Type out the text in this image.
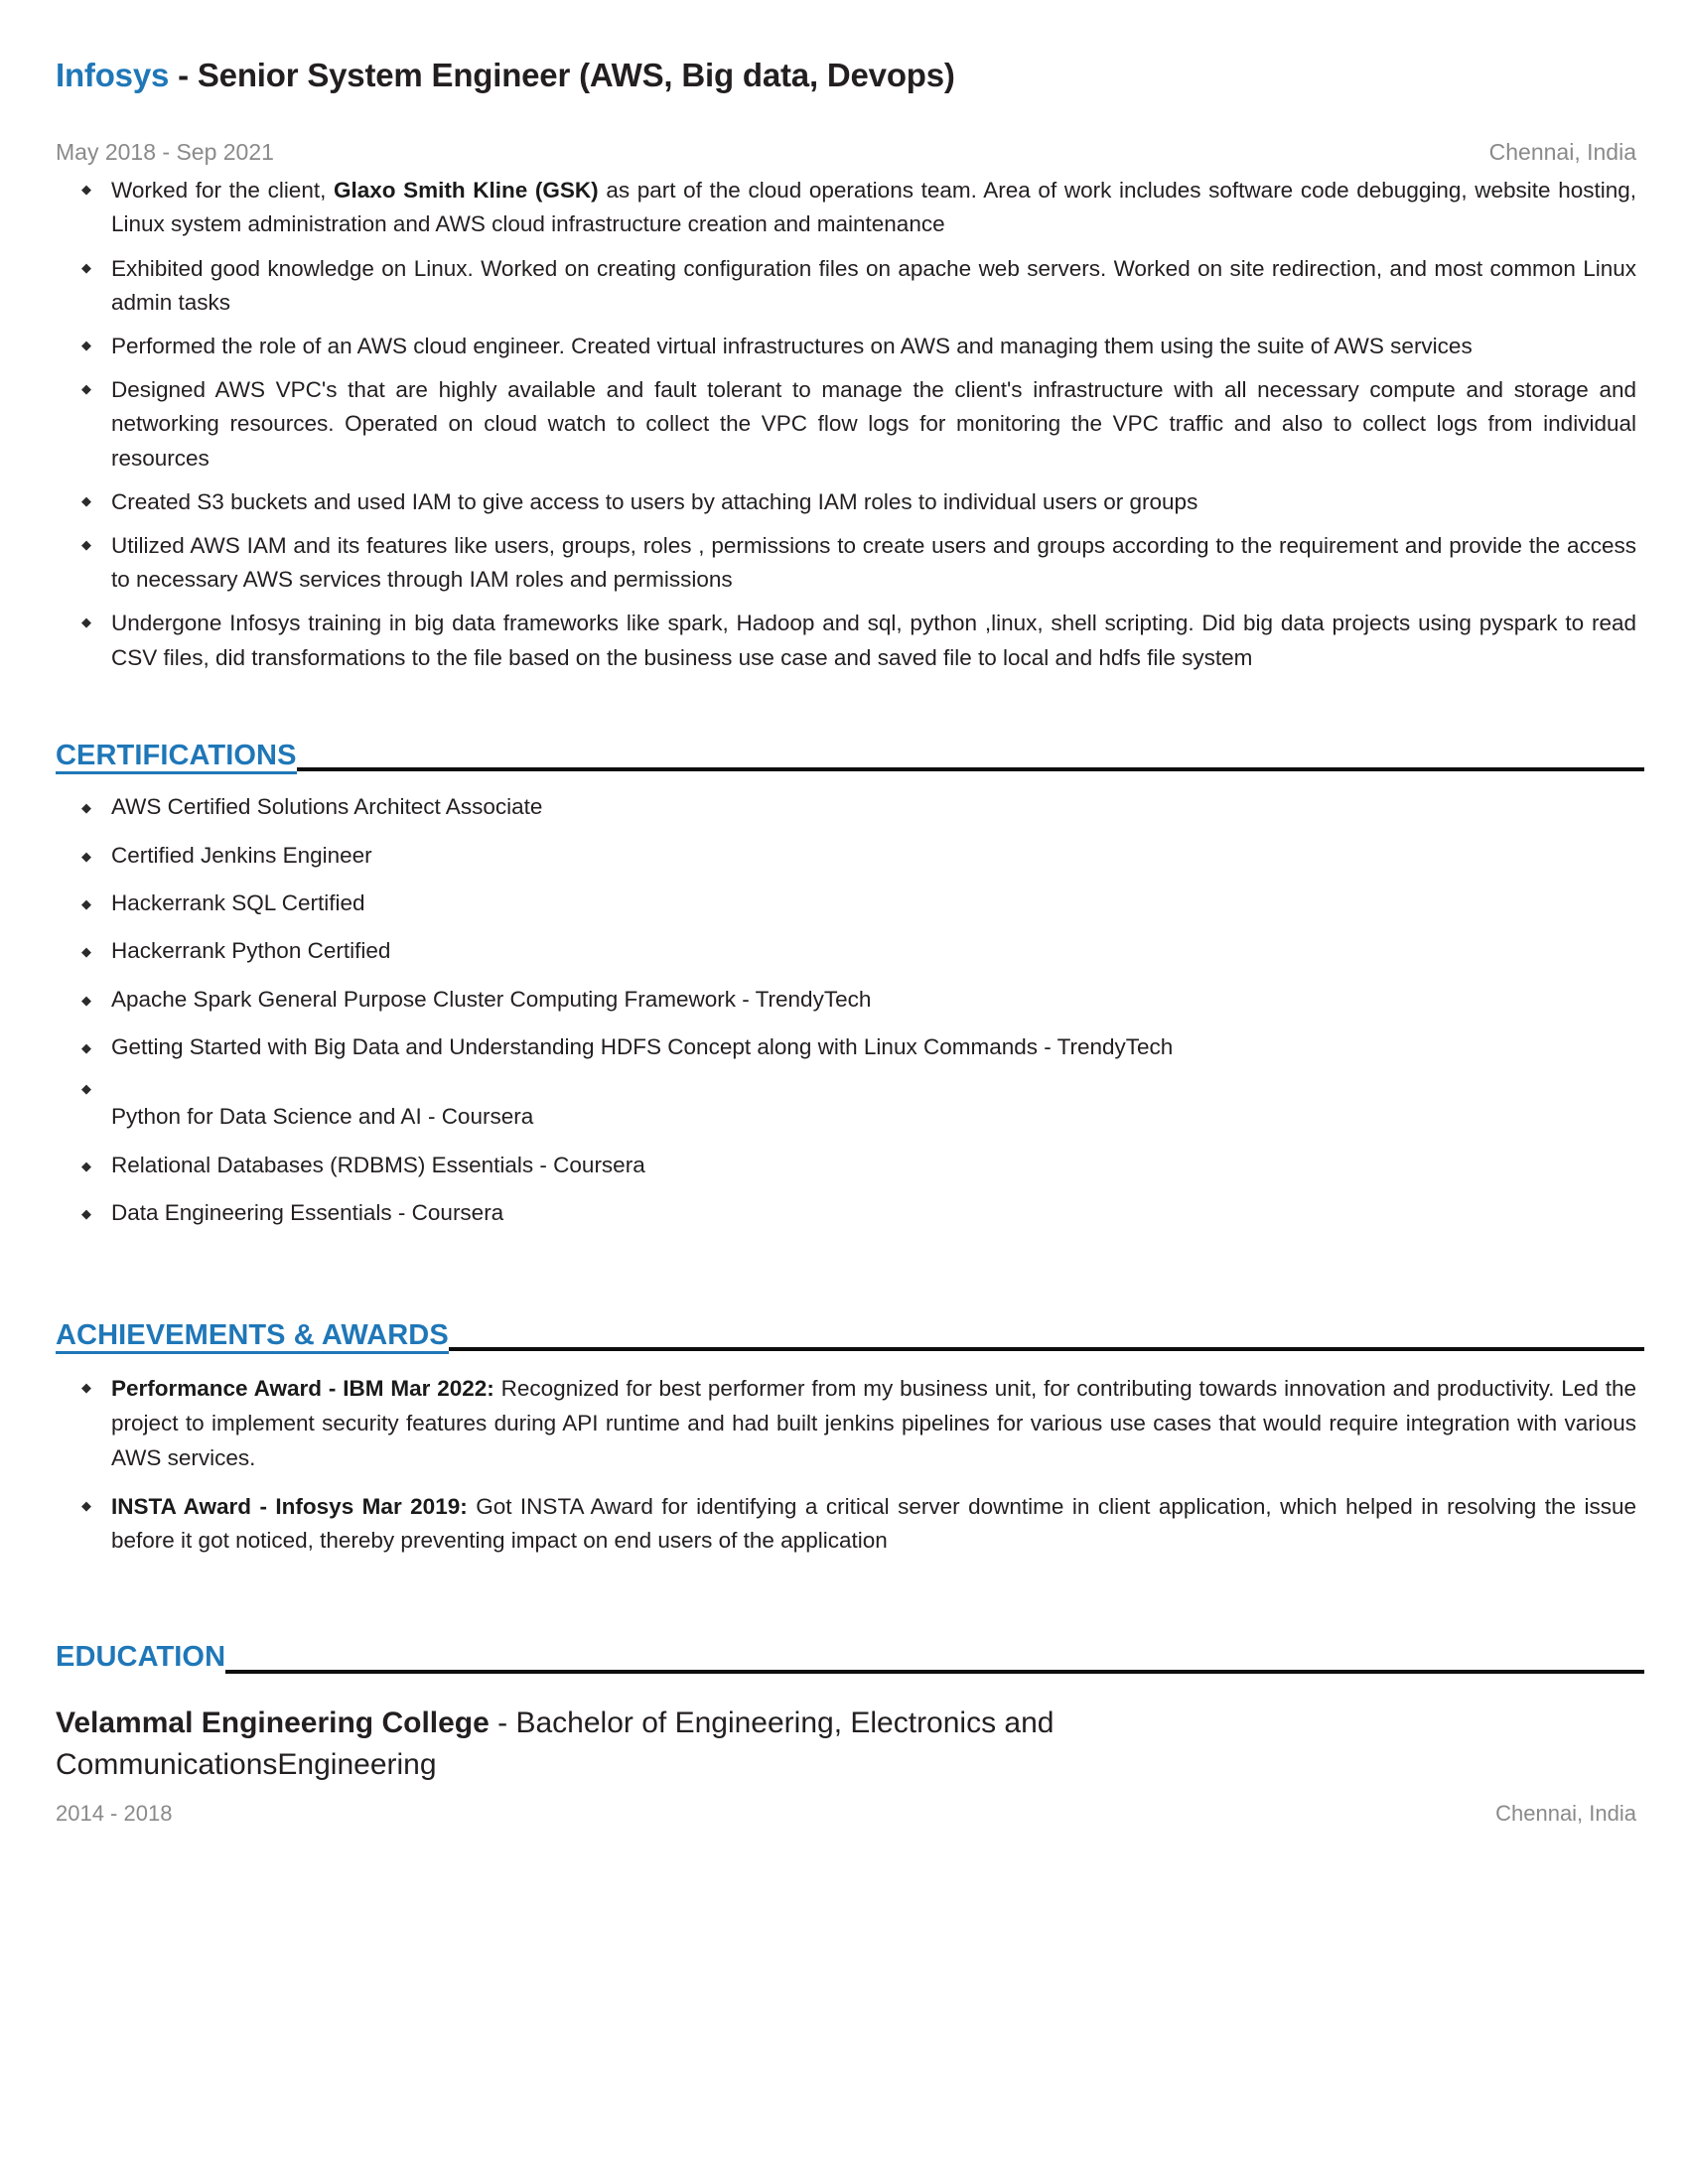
Infosys - Senior System Engineer (AWS, Big data, Devops)
May 2018 - Sep 2021	Chennai, India
◆ Worked for the client, Glaxo Smith Kline (GSK) as part of the cloud operations team. Area of work includes software code debugging, website hosting, Linux system administration and AWS cloud infrastructure creation and maintenance
◆ Exhibited good knowledge on Linux. Worked on creating configuration files on apache web servers. Worked on site redirection, and most common Linux admin tasks
◆ Performed the role of an AWS cloud engineer. Created virtual infrastructures on AWS and managing them using the suite of AWS services
◆ Designed AWS VPC's that are highly available and fault tolerant to manage the client's infrastructure with all necessary compute and storage and networking resources. Operated on cloud watch to collect the VPC flow logs for monitoring the VPC traffic and also to collect logs from individual resources
◆ Created S3 buckets and used IAM to give access to users by attaching IAM roles to individual users or groups
◆ Utilized AWS IAM and its features like users, groups, roles , permissions to create users and groups according to the requirement and provide the access to necessary AWS services through IAM roles and permissions
◆ Undergone Infosys training in big data frameworks like spark, Hadoop and sql, python ,linux, shell scripting. Did big data projects using pyspark to read CSV files, did transformations to the file based on the business use case and saved file to local and hdfs file system
CERTIFICATIONS
◆ AWS Certified Solutions Architect Associate
◆ Certified Jenkins Engineer
◆ Hackerrank SQL Certified
◆ Hackerrank Python Certified
◆ Apache Spark General Purpose Cluster Computing Framework - TrendyTech
◆ Getting Started with Big Data and Understanding HDFS Concept along with Linux Commands - TrendyTech
◆ Python for Data Science and AI - Coursera
◆ Relational Databases (RDBMS) Essentials - Coursera
◆ Data Engineering Essentials - Coursera
ACHIEVEMENTS & AWARDS
◆ Performance Award - IBM Mar 2022: Recognized for best performer from my business unit, for contributing towards innovation and productivity. Led the project to implement security features during API runtime and had built jenkins pipelines for various use cases that would require integration with various AWS services.
◆ INSTA Award - Infosys Mar 2019: Got INSTA Award for identifying a critical server downtime in client application, which helped in resolving the issue before it got noticed, thereby preventing impact on end users of the application
EDUCATION
Velammal Engineering College - Bachelor of Engineering, Electronics and CommunicationsEngineering
2014 - 2018	Chennai, India
